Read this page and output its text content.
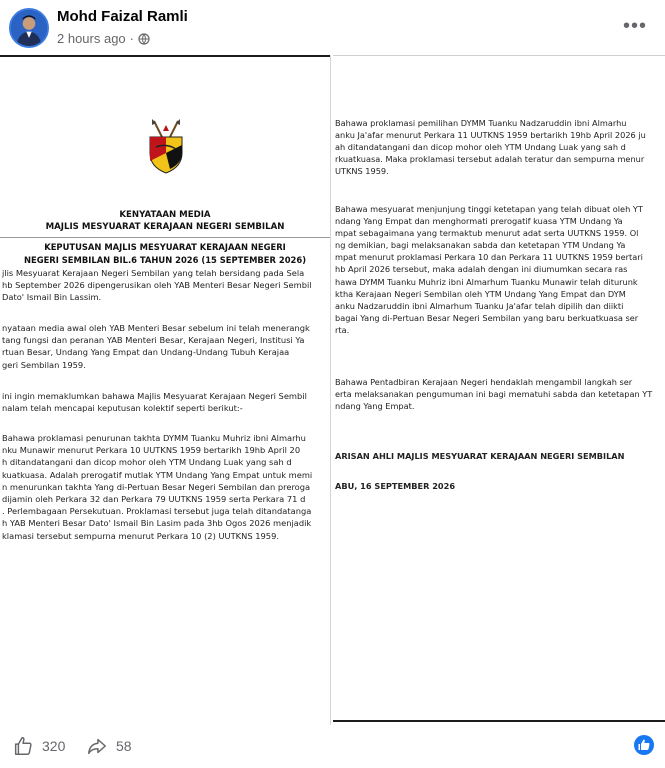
Mohd Faizal Ramli
2 hours ago ·
•••
KENYATAAN MEDIA
MAJLIS MESYUARAT KERAJAAN NEGERI SEMBILAN
KEPUTUSAN MAJLIS MESYUARAT KERAJAAN NEGERI
NEGERI SEMBILAN BIL.6 TAHUN 2026 (15 SEPTEMBER 2026)
jlis Mesyuarat Kerajaan Negeri Sembilan yang telah bersidang pada Sela
hb September 2026 dipengerusikan oleh YAB Menteri Besar Negeri Sembil
Dato' Ismail Bin Lassim.
nyataan media awal oleh YAB Menteri Besar sebelum ini telah menerangk
tang fungsi dan peranan YAB Menteri Besar, Kerajaan Negeri, Institusi Ya
rtuan Besar, Undang Yang Empat dan Undang-Undang Tubuh Kerajaa
geri Sembilan 1959.
ini ingin memaklumkan bahawa Majlis Mesyuarat Kerajaan Negeri Sembil
nalam telah mencapai keputusan kolektif seperti berikut:-
Bahawa proklamasi penurunan takhta DYMM Tuanku Muhriz ibni Almarhu
nku Munawir menurut Perkara 10 UUTKNS 1959 bertarikh 19hb April 20
h ditandatangani dan dicop mohor oleh YTM Undang Luak yang sah d
kuatkuasa. Adalah prerogatif mutlak YTM Undang Yang Empat untuk memi
n menurunkan takhta Yang di-Pertuan Besar Negeri Sembilan dan preroga
dijamin oleh Perkara 32 dan Perkara 79 UUTKNS 1959 serta Perkara 71 d
. Perlembagaan Persekutuan. Proklamasi tersebut juga telah ditandatanga
h YAB Menteri Besar Dato' Ismail Bin Lasim pada 3hb Ogos 2026 menjadik
klamasi tersebut sempurna menurut Perkara 10 (2) UUTKNS 1959.
Bahawa proklamasi pemilihan DYMM Tuanku Nadzaruddin ibni Almarhu
anku Ja'afar menurut Perkara 11 UUTKNS 1959 bertarikh 19hb April 2026 ju
ah ditandatangani dan dicop mohor oleh YTM Undang Luak yang sah d
rkuatkuasa. Maka proklamasi tersebut adalah teratur dan sempurna menur
UTKNS 1959.
Bahawa mesyuarat menjunjung tinggi ketetapan yang telah dibuat oleh YT
ndang Yang Empat dan menghormati prerogatif kuasa YTM Undang Ya
mpat sebagaimana yang termaktub menurut adat serta UUTKNS 1959. Ol
ng demikian, bagi melaksanakan sabda dan ketetapan YTM Undang Ya
mpat menurut proklamasi Perkara 10 dan Perkara 11 UUTKNS 1959 bertari
hb April 2026 tersebut, maka adalah dengan ini diumumkan secara ras
hawa DYMM Tuanku Muhriz ibni Almarhum Tuanku Munawir telah diturunk
ktha Kerajaan Negeri Sembilan oleh YTM Undang Yang Empat dan DYM
anku Nadzaruddin ibni Almarhum Tuanku Ja'afar telah dipilih dan diikti
bagai Yang di-Pertuan Besar Negeri Sembilan yang baru berkuatkuasa ser
rta.
Bahawa Pentadbiran Kerajaan Negeri hendaklah mengambil langkah ser
erta melaksanakan pengumuman ini bagi mematuhi sabda dan ketetapan YT
ndang Yang Empat.
ARISAN AHLI MAJLIS MESYUARAT KERAJAAN NEGERI SEMBILAN
ABU, 16 SEPTEMBER 2026
320	58
